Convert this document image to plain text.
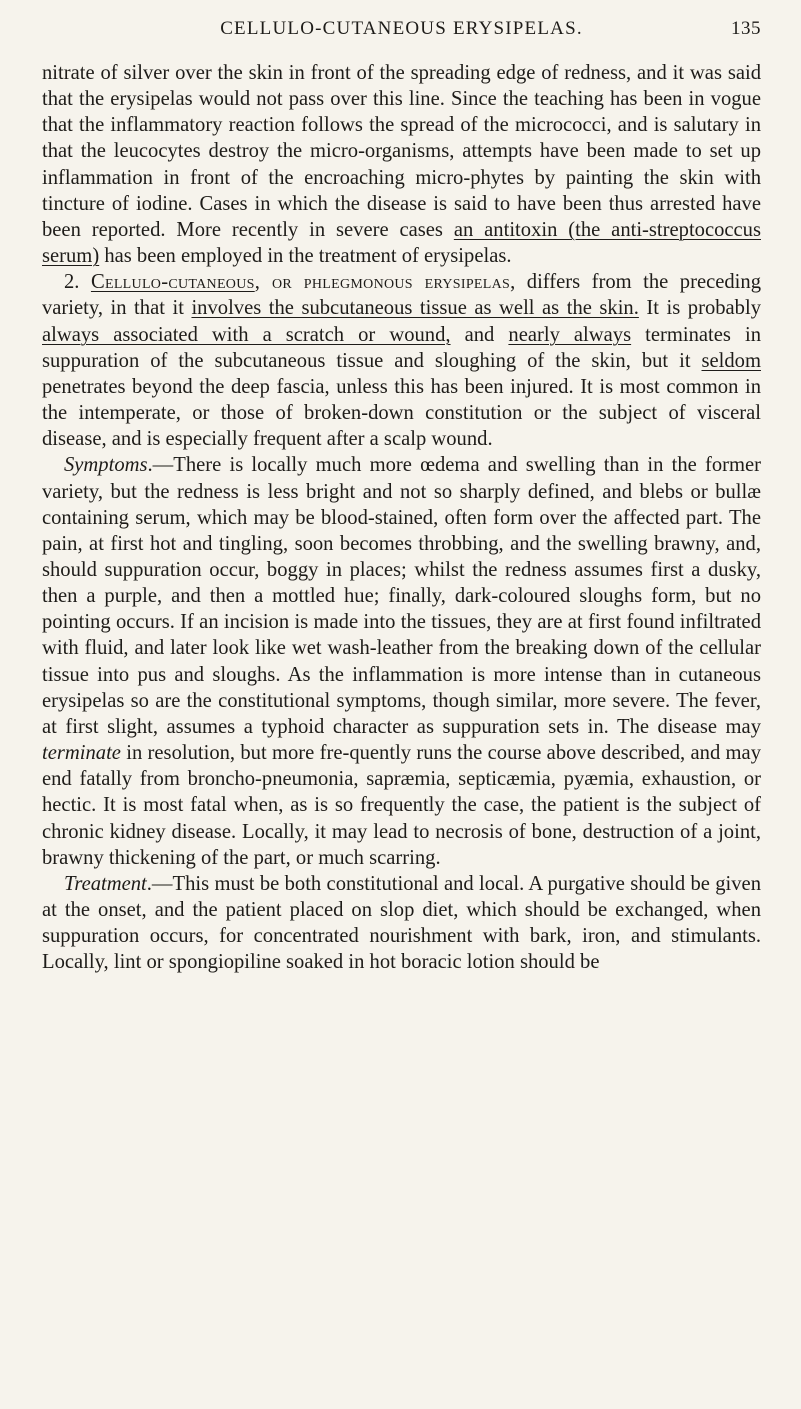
CELLULO-CUTANEOUS ERYSIPELAS.	135

nitrate of silver over the skin in front of the spreading edge of redness, and it was said that the erysipelas would not pass over this line. Since the teaching has been in vogue that the inflammatory reaction follows the spread of the micrococci, and is salutary in that the leucocytes destroy the micro-organisms, attempts have been made to set up inflammation in front of the encroaching micro-phytes by painting the skin with tincture of iodine. Cases in which the disease is said to have been thus arrested have been reported. More recently in severe cases an antitoxin (the anti-streptococcus serum) has been employed in the treatment of erysipelas.

2. Cellulo-cutaneous, or phlegmonous erysipelas, differs from the preceding variety, in that it involves the subcutaneous tissue as well as the skin. It is probably always associated with a scratch or wound, and nearly always terminates in suppuration of the subcutaneous tissue and sloughing of the skin, but it seldom penetrates beyond the deep fascia, unless this has been injured. It is most common in the intemperate, or those of broken-down constitution or the subject of visceral disease, and is especially frequent after a scalp wound.

Symptoms.—There is locally much more œdema and swelling than in the former variety, but the redness is less bright and not so sharply defined, and blebs or bullæ containing serum, which may be blood-stained, often form over the affected part. The pain, at first hot and tingling, soon becomes throbbing, and the swelling brawny, and, should suppuration occur, boggy in places; whilst the redness assumes first a dusky, then a purple, and then a mottled hue; finally, dark-coloured sloughs form, but no pointing occurs. If an incision is made into the tissues, they are at first found infiltrated with fluid, and later look like wet wash-leather from the breaking down of the cellular tissue into pus and sloughs. As the inflammation is more intense than in cutaneous erysipelas so are the constitutional symptoms, though similar, more severe. The fever, at first slight, assumes a typhoid character as suppuration sets in. The disease may terminate in resolution, but more fre-quently runs the course above described, and may end fatally from broncho-pneumonia, sapræmia, septicæmia, pyæmia, exhaustion, or hectic. It is most fatal when, as is so frequently the case, the patient is the subject of chronic kidney disease. Locally, it may lead to necrosis of bone, destruction of a joint, brawny thickening of the part, or much scarring.

Treatment.—This must be both constitutional and local. A purgative should be given at the onset, and the patient placed on slop diet, which should be exchanged, when suppuration occurs, for concentrated nourishment with bark, iron, and stimulants. Locally, lint or spongiopiline soaked in hot boracic lotion should be
